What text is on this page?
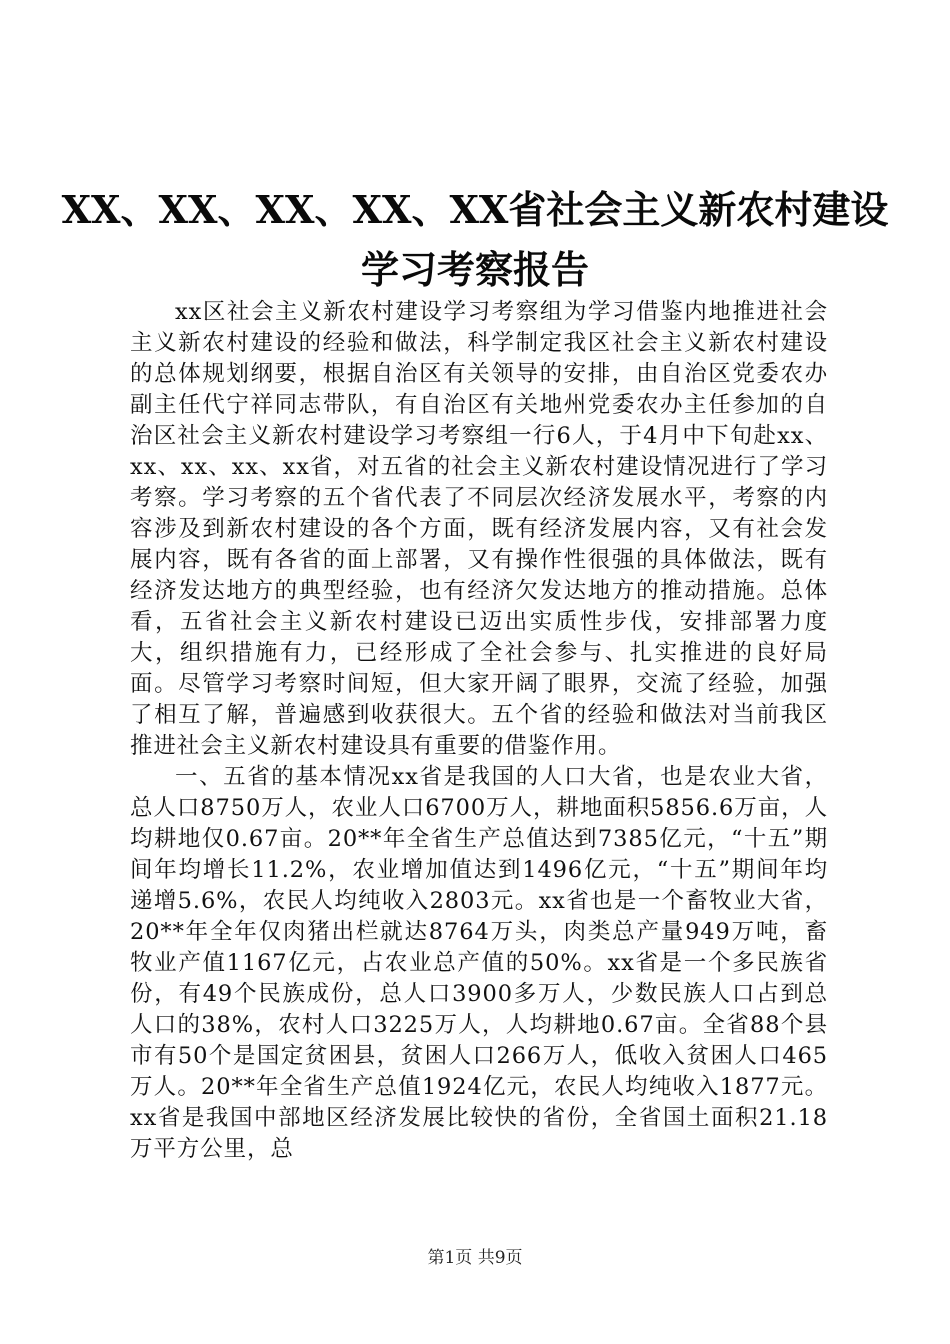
XX、XX、XX、XX、XX省社会主义新农村建设
学习考察报告

xx区社会主义新农村建设学习考察组为学习借鉴内地推进社会主义新农村建设的经验和做法，科学制定我区社会主义新农村建设的总体规划纲要，根据自治区有关领导的安排，由自治区党委农办副主任代宁祥同志带队，有自治区有关地州党委农办主任参加的自治区社会主义新农村建设学习考察组一行6人，于4月中下旬赴xx、xx、xx、xx、xx省，对五省的社会主义新农村建设情况进行了学习考察。学习考察的五个省代表了不同层次经济发展水平，考察的内容涉及到新农村建设的各个方面，既有经济发展内容，又有社会发展内容，既有各省的面上部署，又有操作性很强的具体做法，既有经济发达地方的典型经验，也有经济欠发达地方的推动措施。总体看，五省社会主义新农村建设已迈出实质性步伐，安排部署力度大，组织措施有力，已经形成了全社会参与、扎实推进的良好局面。尽管学习考察时间短，但大家开阔了眼界，交流了经验，加强了相互了解，普遍感到收获很大。五个省的经验和做法对当前我区推进社会主义新农村建设具有重要的借鉴作用。

一、五省的基本情况xx省是我国的人口大省，也是农业大省，总人口8750万人，农业人口6700万人，耕地面积5856.6万亩，人均耕地仅0.67亩。20**年全省生产总值达到7385亿元，“十五”期间年均增长11.2%，农业增加值达到1496亿元，“十五”期间年均递增5.6%，农民人均纯收入2803元。xx省也是一个畜牧业大省，20**年全年仅肉猪出栏就达8764万头，肉类总产量949万吨，畜牧业产值1167亿元，占农业总产值的50%。xx省是一个多民族省份，有49个民族成份，总人口3900多万人，少数民族人口占到总人口的38%，农村人口3225万人，人均耕地0.67亩。全省88个县市有50个是国定贫困县，贫困人口266万人，低收入贫困人口465万人。20**年全省生产总值1924亿元，农民人均纯收入1877元。xx省是我国中部地区经济发展比较快的省份，全省国土面积21.18万平方公里，总

第1页 共9页
